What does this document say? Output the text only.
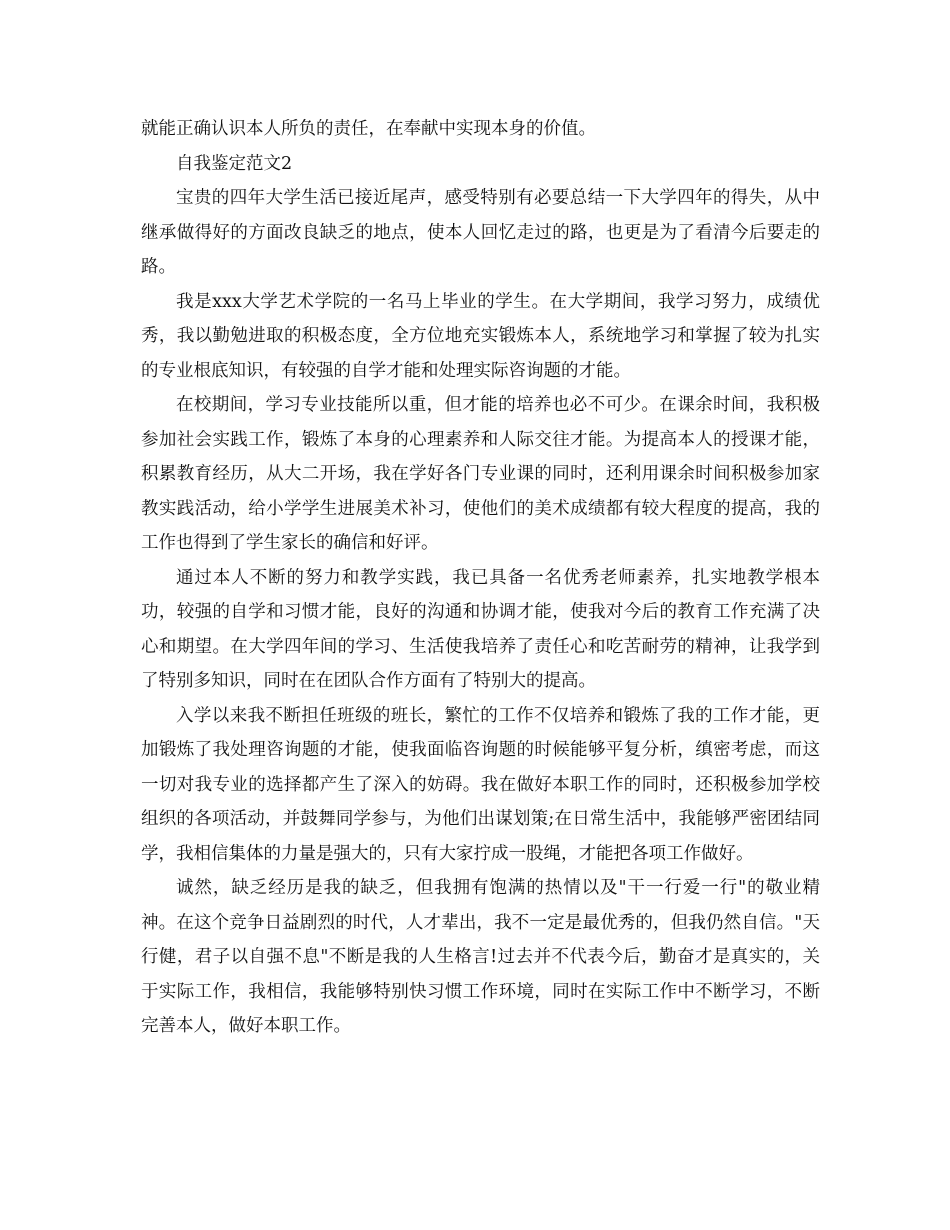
就能正确认识本人所负的责任，在奉献中实现本身的价值。

自我鉴定范文2

宝贵的四年大学生活已接近尾声，感受特别有必要总结一下大学四年的得失，从中继承做得好的方面改良缺乏的地点，使本人回忆走过的路，也更是为了看清今后要走的路。

我是xxx大学艺术学院的一名马上毕业的学生。在大学期间，我学习努力，成绩优秀，我以勤勉进取的积极态度，全方位地充实锻炼本人，系统地学习和掌握了较为扎实的专业根底知识，有较强的自学才能和处理实际咨询题的才能。

在校期间，学习专业技能所以重，但才能的培养也必不可少。在课余时间，我积极参加社会实践工作，锻炼了本身的心理素养和人际交往才能。为提高本人的授课才能，积累教育经历，从大二开场，我在学好各门专业课的同时，还利用课余时间积极参加家教实践活动，给小学学生进展美术补习，使他们的美术成绩都有较大程度的提高，我的工作也得到了学生家长的确信和好评。

通过本人不断的努力和教学实践，我已具备一名优秀老师素养，扎实地教学根本功，较强的自学和习惯才能，良好的沟通和协调才能，使我对今后的教育工作充满了决心和期望。在大学四年间的学习、生活使我培养了责任心和吃苦耐劳的精神，让我学到了特别多知识，同时在在团队合作方面有了特别大的提高。

入学以来我不断担任班级的班长，繁忙的工作不仅培养和锻炼了我的工作才能，更加锻炼了我处理咨询题的才能，使我面临咨询题的时候能够平复分析，缜密考虑，而这一切对我专业的选择都产生了深入的妨碍。我在做好本职工作的同时，还积极参加学校组织的各项活动，并鼓舞同学参与，为他们出谋划策;在日常生活中，我能够严密团结同学，我相信集体的力量是强大的，只有大家拧成一股绳，才能把各项工作做好。

诚然，缺乏经历是我的缺乏，但我拥有饱满的热情以及"干一行爱一行"的敬业精神。在这个竞争日益剧烈的时代，人才辈出，我不一定是最优秀的，但我仍然自信。"天行健，君子以自强不息"不断是我的人生格言!过去并不代表今后，勤奋才是真实的，关于实际工作，我相信，我能够特别快习惯工作环境，同时在实际工作中不断学习，不断完善本人，做好本职工作。
